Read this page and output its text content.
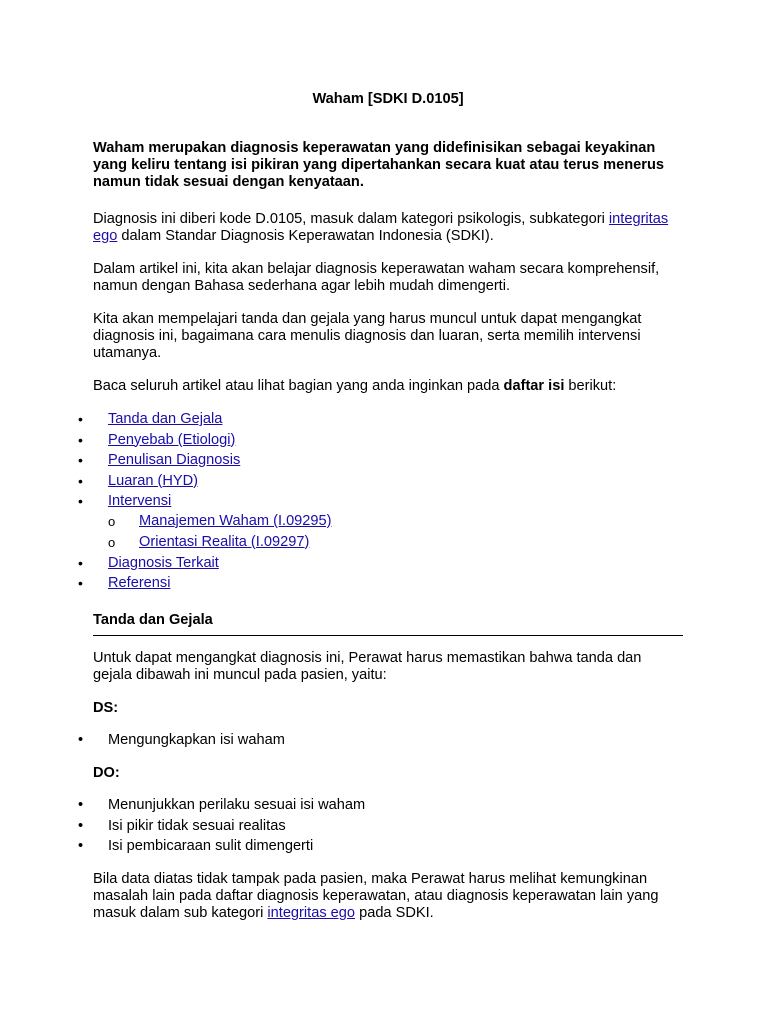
Waham [SDKI D.0105]

Waham merupakan diagnosis keperawatan yang didefinisikan sebagai keyakinan yang keliru tentang isi pikiran yang dipertahankan secara kuat atau terus menerus namun tidak sesuai dengan kenyataan.

Diagnosis ini diberi kode D.0105, masuk dalam kategori psikologis, subkategori integritas ego dalam Standar Diagnosis Keperawatan Indonesia (SDKI).

Dalam artikel ini, kita akan belajar diagnosis keperawatan waham secara komprehensif, namun dengan Bahasa sederhana agar lebih mudah dimengerti.

Kita akan mempelajari tanda dan gejala yang harus muncul untuk dapat mengangkat diagnosis ini, bagaimana cara menulis diagnosis dan luaran, serta memilih intervensi utamanya.

Baca seluruh artikel atau lihat bagian yang anda inginkan pada daftar isi berikut:

• Tanda dan Gejala
• Penyebab (Etiologi)
• Penulisan Diagnosis
• Luaran (HYD)
• Intervensi
o Manajemen Waham (I.09295)
o Orientasi Realita (I.09297)
• Diagnosis Terkait
• Referensi
Tanda dan Gejala

Untuk dapat mengangkat diagnosis ini, Perawat harus memastikan bahwa tanda dan gejala dibawah ini muncul pada pasien, yaitu:

DS:
• Mengungkapkan isi waham
DO:
• Menunjukkan perilaku sesuai isi waham
• Isi pikir tidak sesuai realitas
• Isi pembicaraan sulit dimengerti

Bila data diatas tidak tampak pada pasien, maka Perawat harus melihat kemungkinan masalah lain pada daftar diagnosis keperawatan, atau diagnosis keperawatan lain yang masuk dalam sub kategori integritas ego pada SDKI.
